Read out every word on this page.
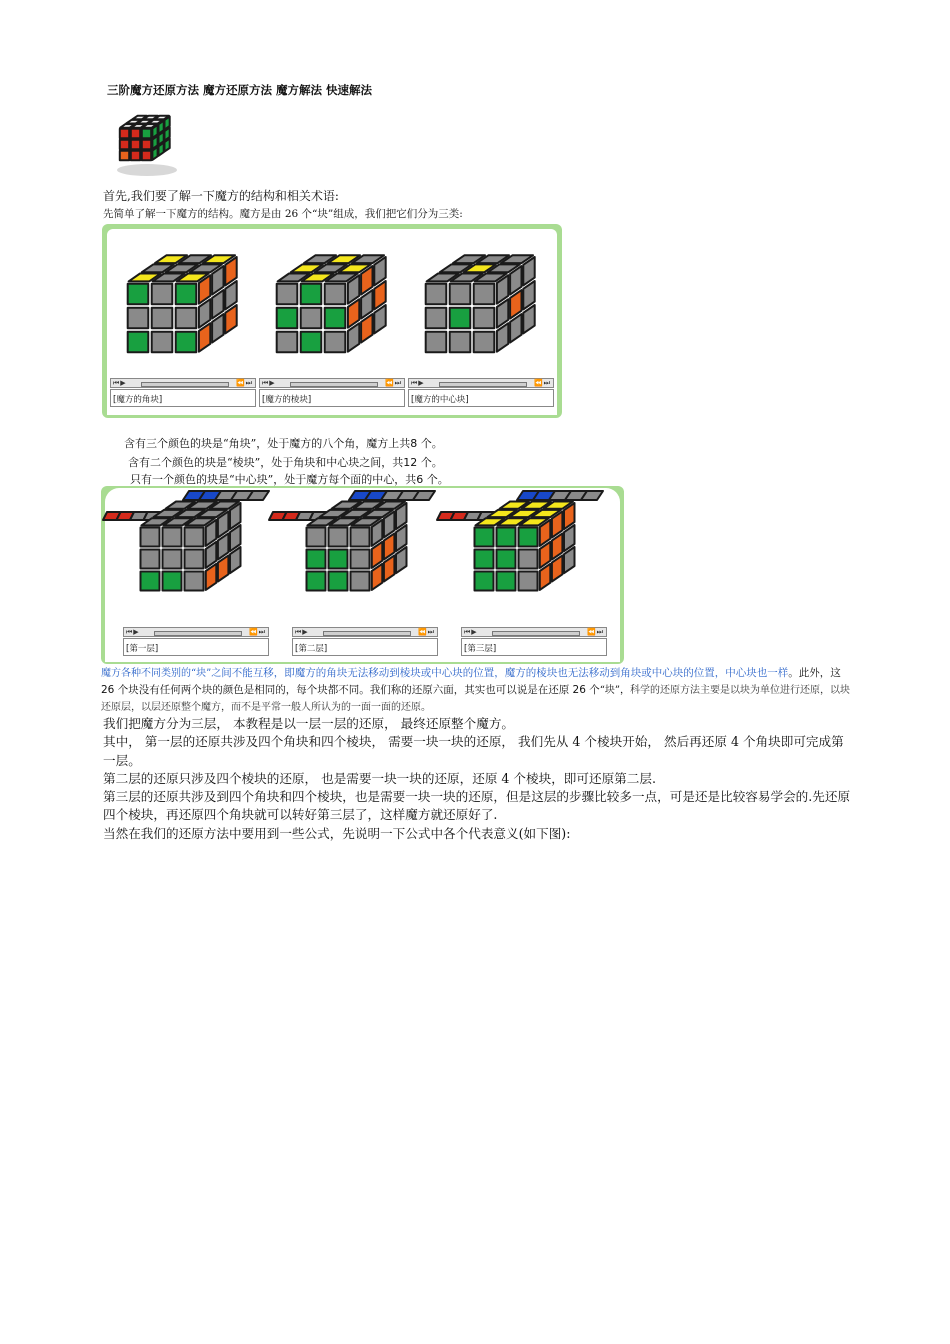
三阶魔方还原方法 魔方还原方法 魔方解法 快速解法
首先,我们要了解一下魔方的结构和相关术语:
先简单了解一下魔方的结构。魔方是由 26 个“块”组成，我们把它们分为三类:
⏮▶	⏪⏭
[魔方的角块]
⏮▶	⏪⏭
[魔方的棱块]
⏮▶	⏪⏭
[魔方的中心块]
含有三个颜色的块是“角块”，处于魔方的八个角，魔方上共8 个。
含有二个颜色的块是“棱块”，处于角块和中心块之间，共12 个。
只有一个颜色的块是“中心块”，处于魔方每个面的中心，共6 个。
⏮▶	⏪⏭
[第一层]
⏮▶	⏪⏭
[第二层]
⏮▶	⏪⏭
[第三层]
魔方各种不同类别的“块”之间不能互移，即魔方的角块无法移动到棱块或中心块的位置，魔方的棱块也无法移动到角块或中心块的位置，中心块也一样。此外，这 26 个块没有任何两个块的颜色是相同的，每个块都不同。我们称的还原六面，其实也可以说是在还原 26 个“块”，科学的还原方法主要是以块为单位进行还原，以块还原层，以层还原整个魔方，而不是平常一般人所认为的一面一面的还原。

我们把魔方分为三层， 本教程是以一层一层的还原， 最终还原整个魔方。

其中， 第一层的还原共涉及四个角块和四个棱块， 需要一块一块的还原， 我们先从 4 个棱块开始， 然后再还原 4 个角块即可完成第一层。

第二层的还原只涉及四个棱块的还原， 也是需要一块一块的还原，还原 4 个棱块，即可还原第二层.

第三层的还原共涉及到四个角块和四个棱块，也是需要一块一块的还原，但是这层的步骤比较多一点，可是还是比较容易学会的.先还原四个棱块，再还原四个角块就可以转好第三层了，这样魔方就还原好了.

当然在我们的还原方法中要用到一些公式，先说明一下公式中各个代表意义(如下图):
